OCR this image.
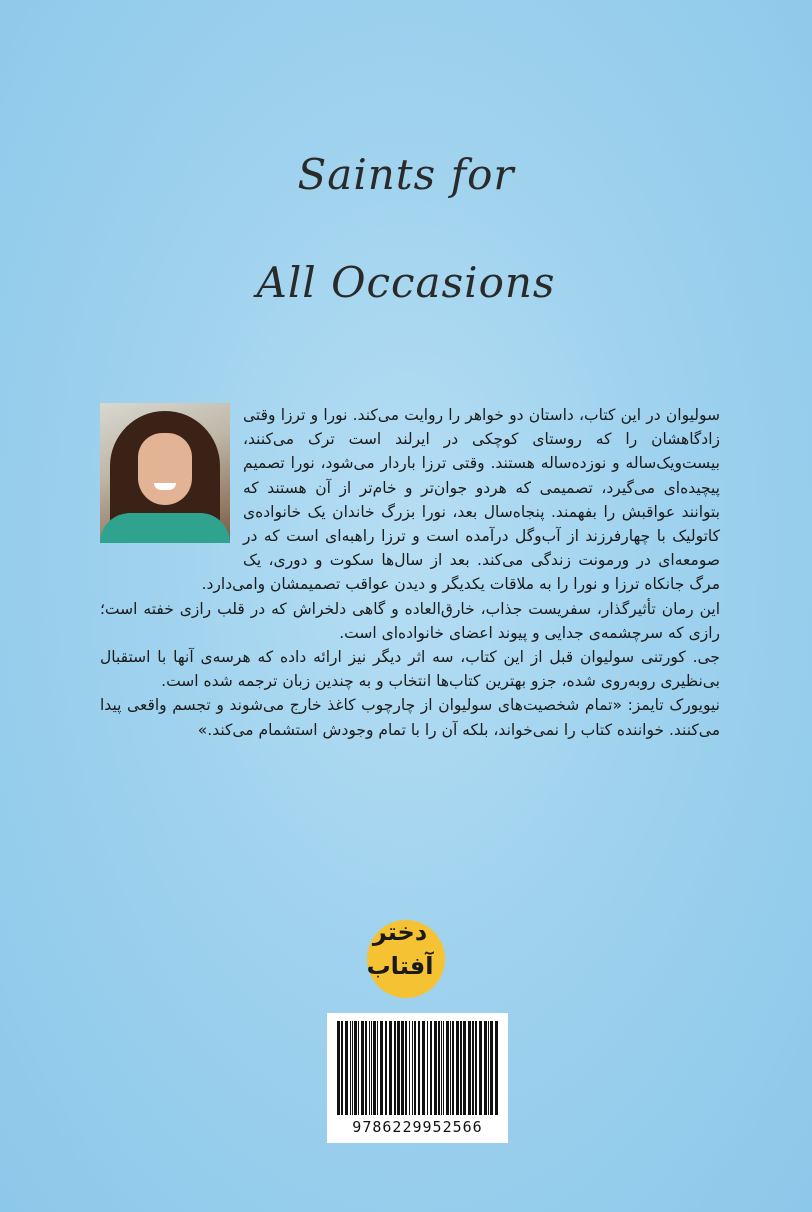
Saints for
All Occasions

سولیوان در این کتاب، داستان دو خواهر را روایت می‌کند. نورا و ترزا وقتی زادگاهشان را که روستای کوچکی در ایرلند است ترک می‌کنند، بیست‌ویک‌ساله و نوزده‌ساله هستند. وقتی ترزا باردار می‌شود، نورا تصمیم پیچیده‌ای می‌گیرد، تصمیمی که هردو جوان‌تر و خام‌تر از آن هستند که بتوانند عواقبش را بفهمند. پنجاه‌سال بعد، نورا بزرگ خاندان یک خانواده‌ی کاتولیک با چهارفرزند از آب‌وگل درآمده است و ترزا راهبه‌ای است که در صومعه‌ای در ورمونت زندگی می‌کند. بعد از سال‌ها سکوت و دوری، یک مرگ جانکاه ترزا و نورا را به ملاقات یکدیگر و دیدن عواقب تصمیمشان وامی‌دارد.

این رمان تأثیرگذار، سفریست جذاب، خارق‌العاده و گاهی دلخراش که در قلب رازی خفته است؛ رازی که سرچشمه‌ی جدایی و پیوند اعضای خانواده‌ای است.

جی. کورتنی سولیوان قبل از این کتاب، سه اثر دیگر نیز ارائه داده که هرسه‌ی آنها با استقبال بی‌نظیری روبه‌روی شده، جزو بهترین کتاب‌ها انتخاب و به چندین زبان ترجمه شده است.

نیویورک تایمز: «تمام شخصیت‌های سولیوان از چارچوب کاغذ خارج می‌شوند و تجسم واقعی پیدا می‌کنند. خواننده کتاب را نمی‌خواند، بلکه آن را با تمام وجودش استشمام می‌کند.»

دختر
آفتاب
9786229952566
